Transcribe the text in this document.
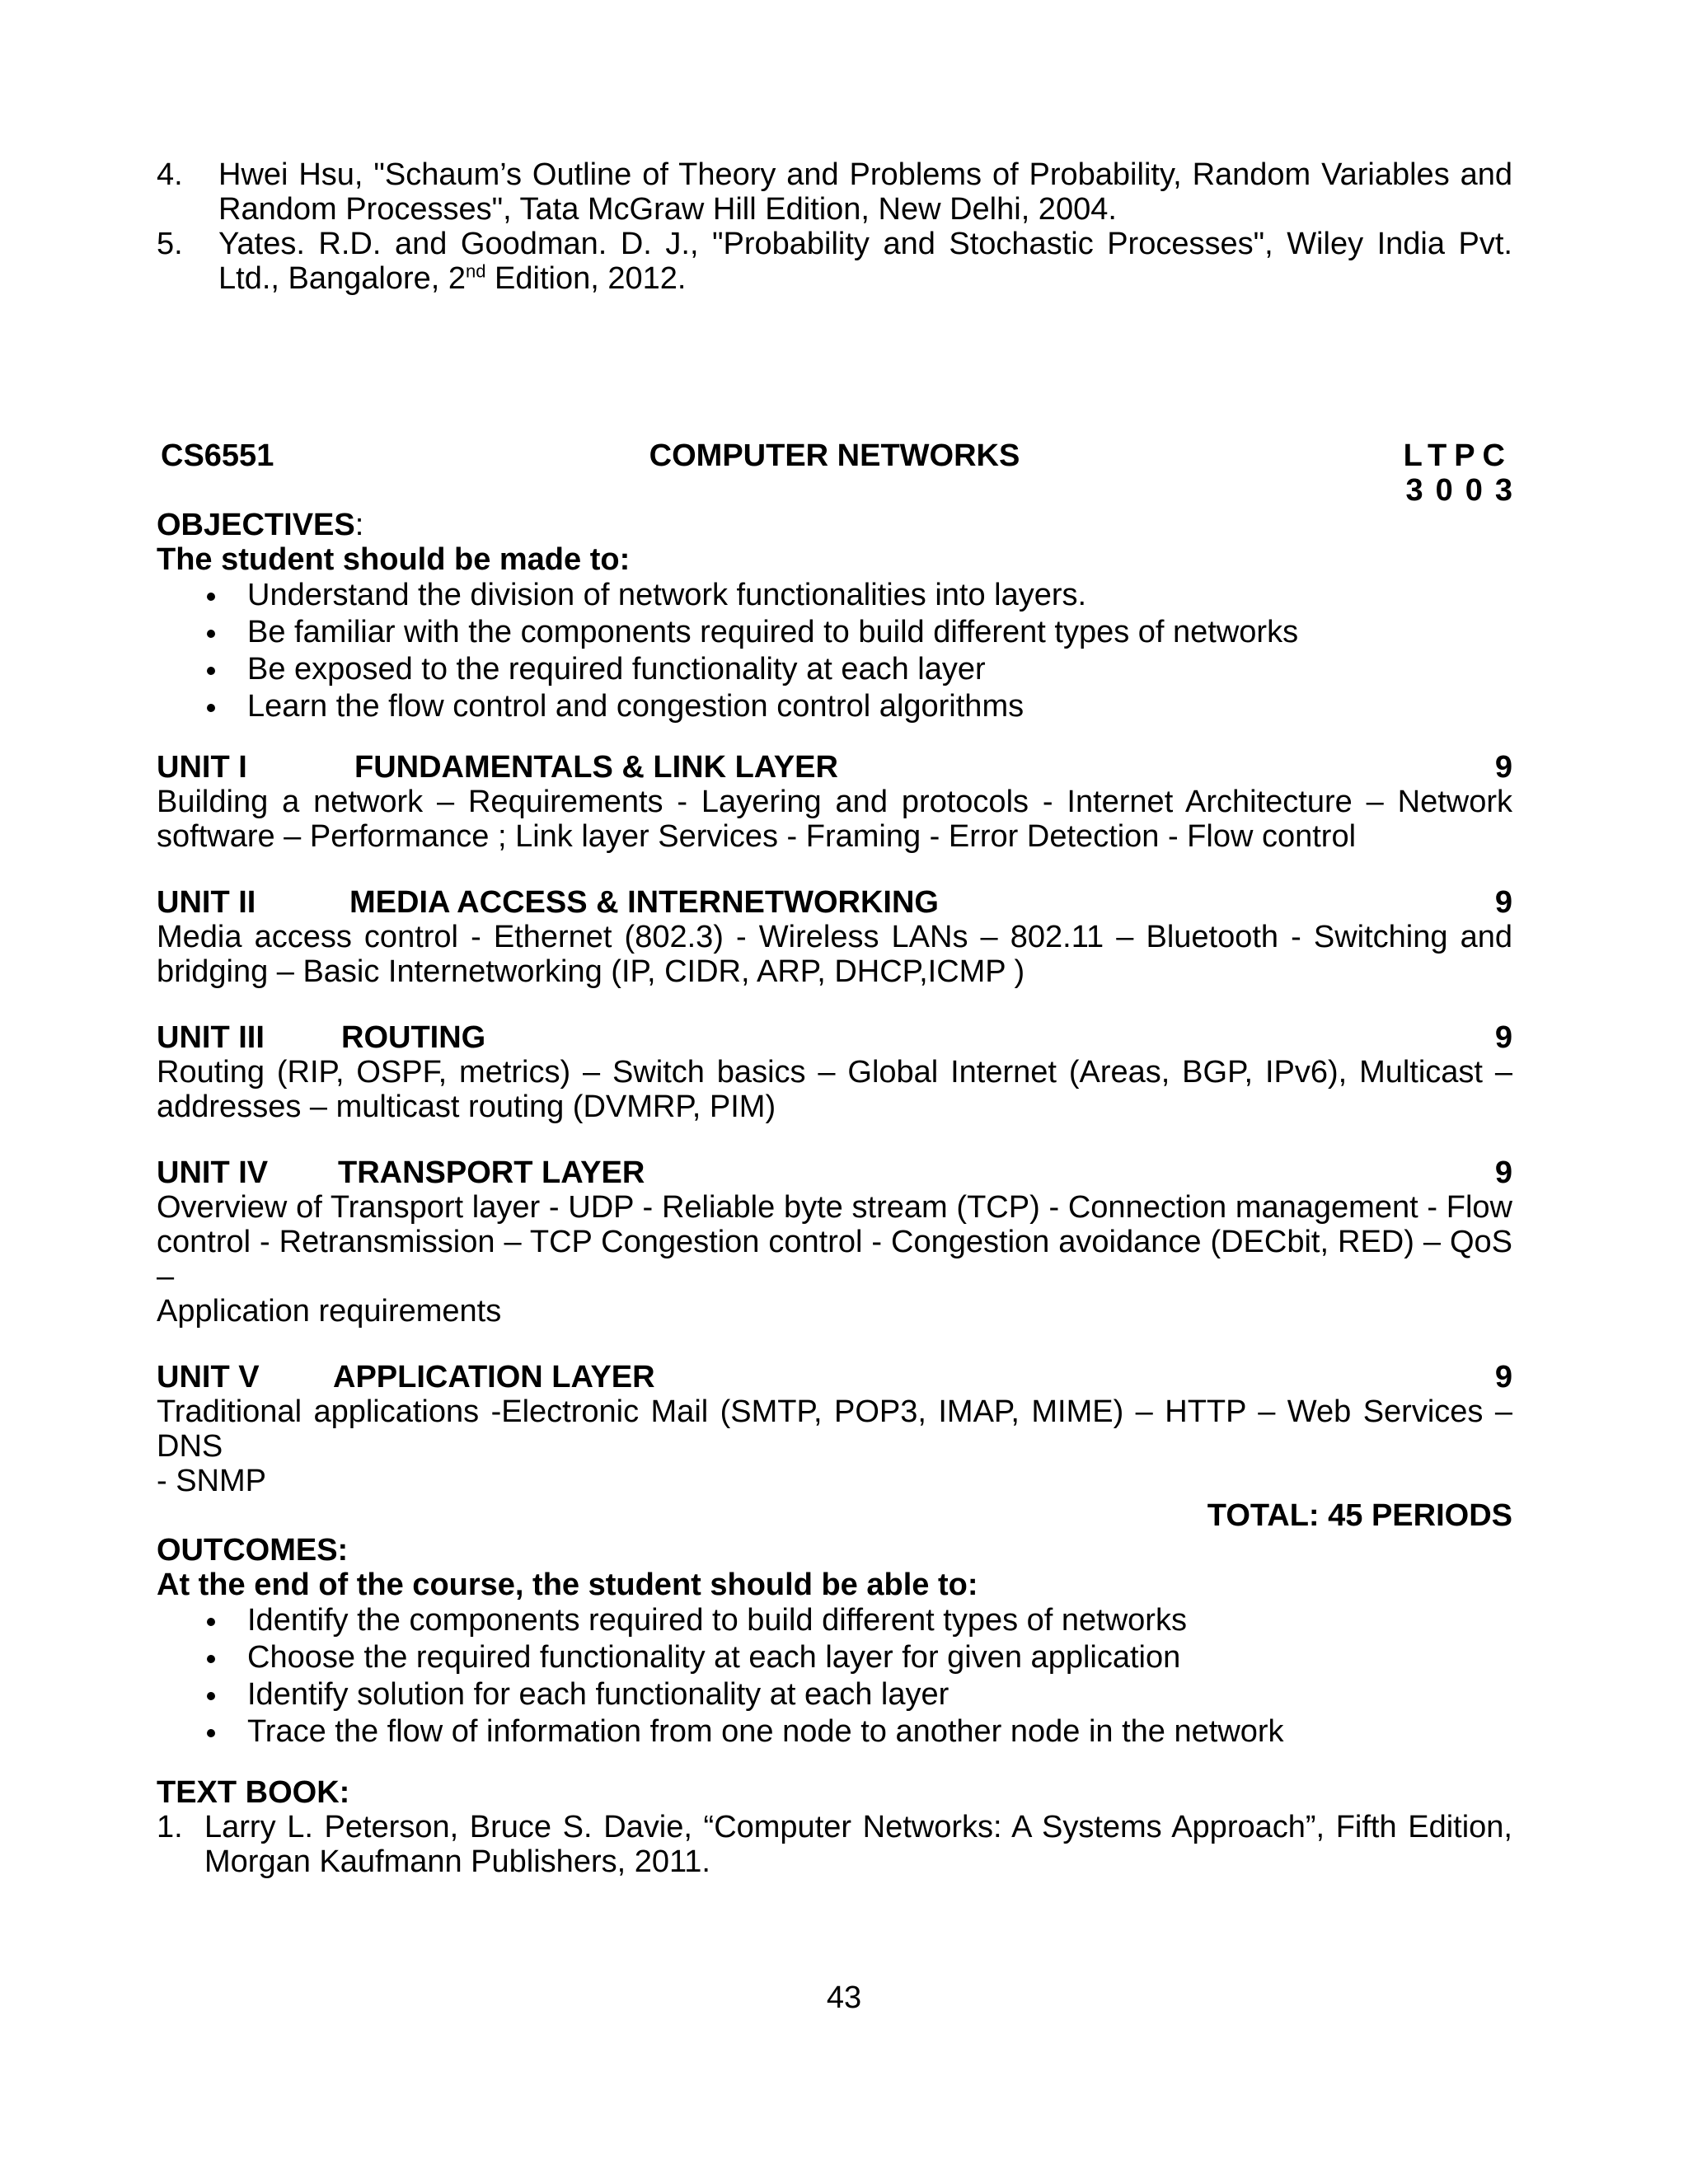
4.	Hwei Hsu, "Schaum’s Outline of Theory and Problems of Probability, Random Variables and Random Processes", Tata McGraw Hill Edition, New Delhi, 2004.
5.	Yates. R.D. and Goodman. D. J., "Probability and Stochastic Processes", Wiley India Pvt. Ltd., Bangalore, 2nd Edition, 2012.
CS6551	COMPUTER NETWORKS	LTPC
3003
OBJECTIVES:
The student should be made to:
Understand the division of network functionalities into layers.
Be familiar with the components required to build different types of networks
Be exposed to the required functionality at each layer
Learn the flow control and congestion control algorithms
UNIT I	FUNDAMENTALS & LINK LAYER	9
Building a network – Requirements - Layering and protocols - Internet Architecture – Network
software – Performance ; Link layer Services - Framing - Error Detection - Flow control
UNIT II	MEDIA ACCESS & INTERNETWORKING	9
Media access control - Ethernet (802.3) - Wireless LANs – 802.11 – Bluetooth - Switching and
bridging – Basic Internetworking (IP, CIDR, ARP, DHCP,ICMP )
UNIT III	ROUTING	9
Routing (RIP, OSPF, metrics) – Switch basics – Global Internet (Areas, BGP, IPv6), Multicast –
addresses – multicast routing (DVMRP, PIM)
UNIT IV	TRANSPORT LAYER	9
Overview of Transport layer - UDP - Reliable byte stream (TCP) - Connection management - Flow
control - Retransmission – TCP Congestion control - Congestion avoidance (DECbit, RED) – QoS –
Application requirements
UNIT V	APPLICATION LAYER	9
Traditional applications -Electronic Mail (SMTP, POP3, IMAP, MIME) – HTTP – Web Services – DNS
- SNMP
TOTAL: 45 PERIODS
OUTCOMES:
At the end of the course, the student should be able to:
Identify the components required to build different types of networks
Choose the required functionality at each layer for given application
Identify solution for each functionality at each layer
Trace the flow of information from one node to another node in the network
TEXT BOOK:
1. Larry L. Peterson, Bruce S. Davie, “Computer Networks: A Systems Approach”, Fifth Edition,
Morgan Kaufmann Publishers, 2011.
43
